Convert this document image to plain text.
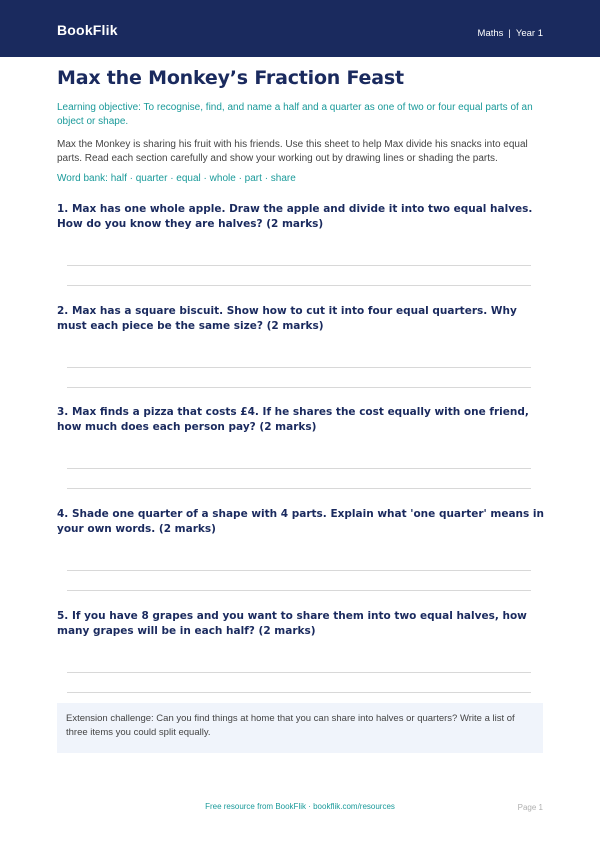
BookFlik	Maths | Year 1
Max the Monkey’s Fraction Feast

Learning objective: To recognise, find, and name a half and a quarter as one of two or four equal parts of an object or shape.

Max the Monkey is sharing his fruit with his friends. Use this sheet to help Max divide his snacks into equal parts. Read each section carefully and show your working out by drawing lines or shading the parts.

Word bank: half · quarter · equal · whole · part · share

1. Max has one whole apple. Draw the apple and divide it into two equal halves. How do you know they are halves? (2 marks)

2. Max has a square biscuit. Show how to cut it into four equal quarters. Why must each piece be the same size? (2 marks)

3. Max finds a pizza that costs £4. If he shares the cost equally with one friend, how much does each person pay? (2 marks)

4. Shade one quarter of a shape with 4 parts. Explain what 'one quarter' means in your own words. (2 marks)

5. If you have 8 grapes and you want to share them into two equal halves, how many grapes will be in each half? (2 marks)

Extension challenge: Can you find things at home that you can share into halves or quarters? Write a list of three items you could split equally.
Free resource from BookFlik · bookflik.com/resources	Page 1
